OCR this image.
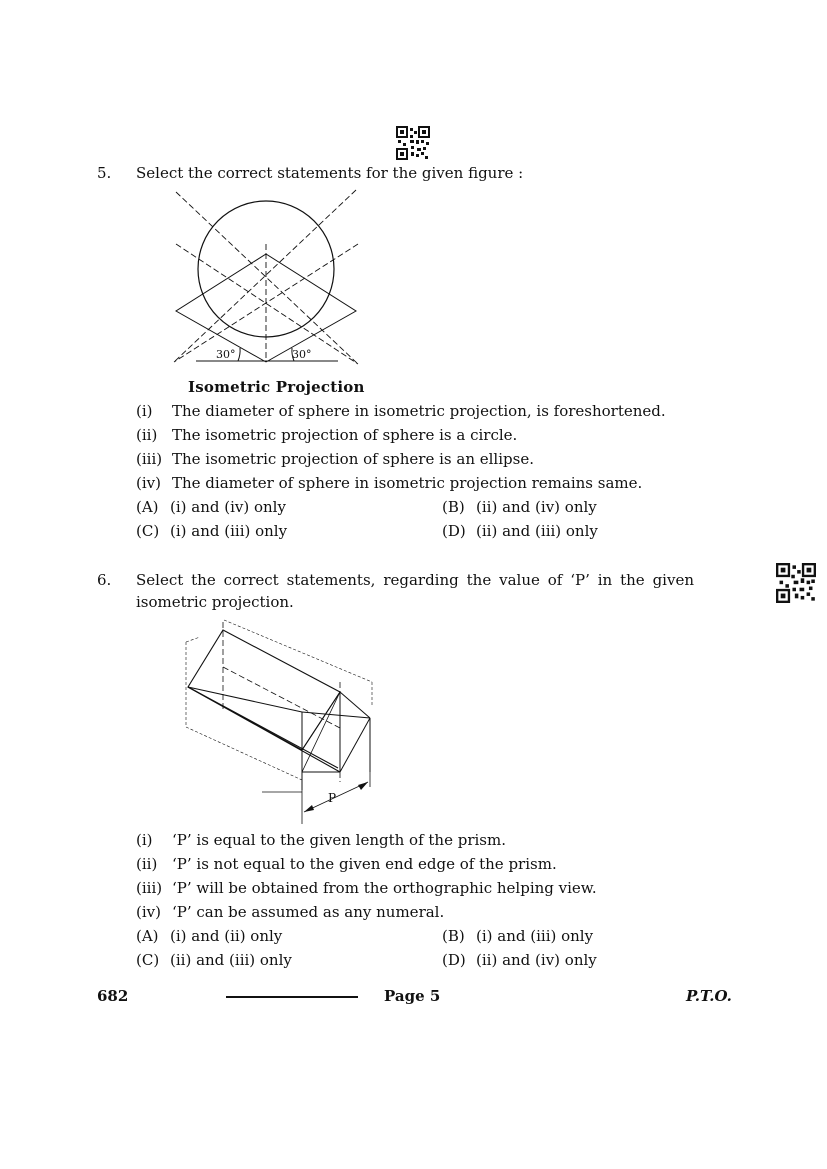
5. Select the correct statements for the given figure :
30°	30°
Isometric Projection
(i) The diameter of sphere in isometric projection, is foreshortened.
(ii) The isometric projection of sphere is a circle.
(iii) The isometric projection of sphere is an ellipse.
(iv) The diameter of sphere in isometric projection remains same.
(A) (i) and (iv) only	(B) (ii) and (iv) only
(C) (i) and (iii) only	(D) (ii) and (iii) only
6. Select the correct statements, regarding the value of ‘P’ in the given
isometric projection.
P
(i) ‘P’ is equal to the given length of the prism.
(ii) ‘P’ is not equal to the given end edge of the prism.
(iii) ‘P’ will be obtained from the orthographic helping view.
(iv) ‘P’ can be assumed as any numeral.
(A) (i) and (ii) only	(B) (i) and (iii) only
(C) (ii) and (iii) only	(D) (ii) and (iv) only
682	Page 5	P.T.O.
